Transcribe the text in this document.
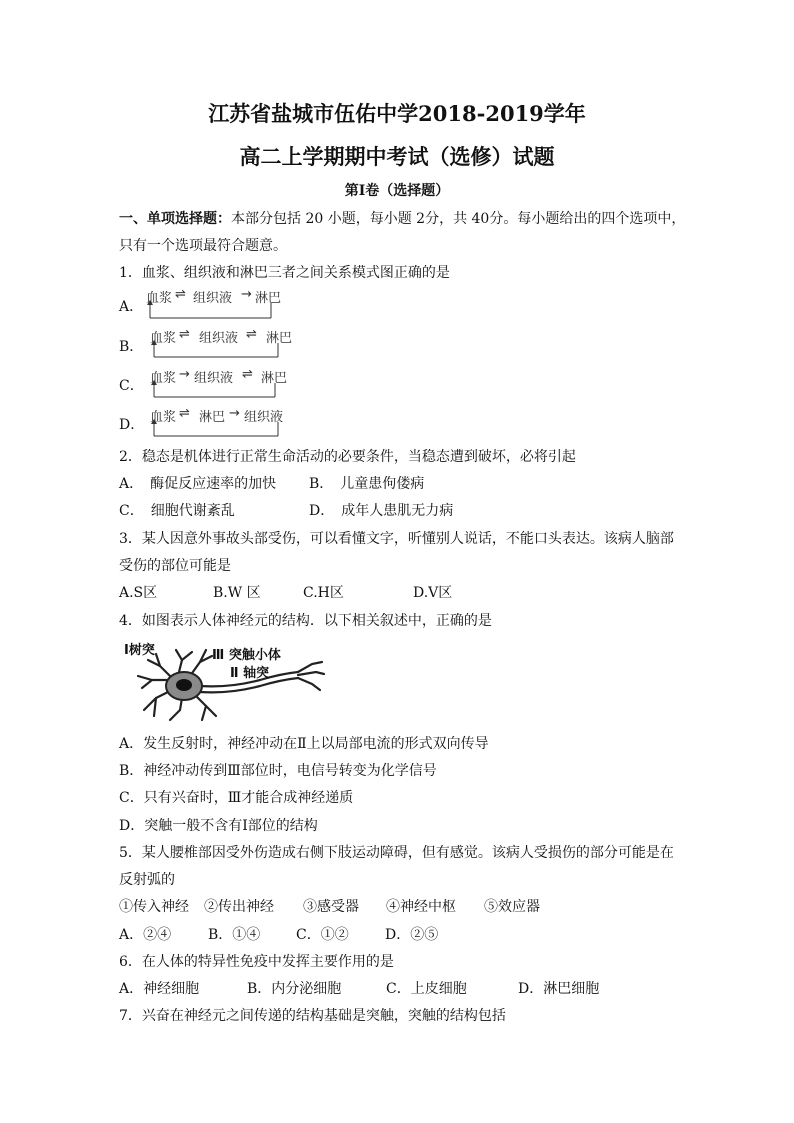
江苏省盐城市伍佑中学2018-2019学年
高二上学期期中考试（选修）试题
第Ⅰ卷（选择题）
一、单项选择题：本部分包括 20 小题，每小题 2分，共 40分。每小题给出的四个选项中，
只有一个选项最符合题意。
1．血浆、组织液和淋巴三者之间关系模式图正确的是
A．
血浆 ⇌ 组织液 → 淋巴
B．
血浆 ⇌ 组织液 ⇌ 淋巴
C． 血浆 → 组织液 ⇌ 淋巴
D． 血浆 ⇌ 淋巴 → 组织液
2．稳态是机体进行正常生命活动的必要条件，当稳态遭到破坏，必将引起
A．　酶促反应速率的加快 B．　儿童患佝偻病
C．　细胞代谢紊乱	D．　成年人患肌无力病
3．某人因意外事故头部受伤，可以看懂文字，听懂别人说话，不能口头表达。该病人脑部
受伤的部位可能是
A.S区	B.W 区	C.H区	D.V区
4．如图表示人体神经元的结构．以下相关叙述中，正确的是
Ⅰ树突	Ⅲ 突触小体
Ⅱ 轴突
A．发生反射时，神经冲动在Ⅱ上以局部电流的形式双向传导
B．神经冲动传到Ⅲ部位时，电信号转变为化学信号
C．只有兴奋时，Ⅲ才能合成神经递质
D．突触一般不含有Ⅰ部位的结构
5．某人腰椎部因受外伤造成右侧下肢运动障碍，但有感觉。该病人受损伤的部分可能是在
反射弧的
①传入神经 ②传出神经 ③感受器 ④神经中枢 ⑤效应器
A．②④	B．①④	C．①②	D．②⑤
6．在人体的特异性免疫中发挥主要作用的是
A．神经细胞	B．内分泌细胞	C．上皮细胞	D．淋巴细胞
7．兴奋在神经元之间传递的结构基础是突触，突触的结构包括
